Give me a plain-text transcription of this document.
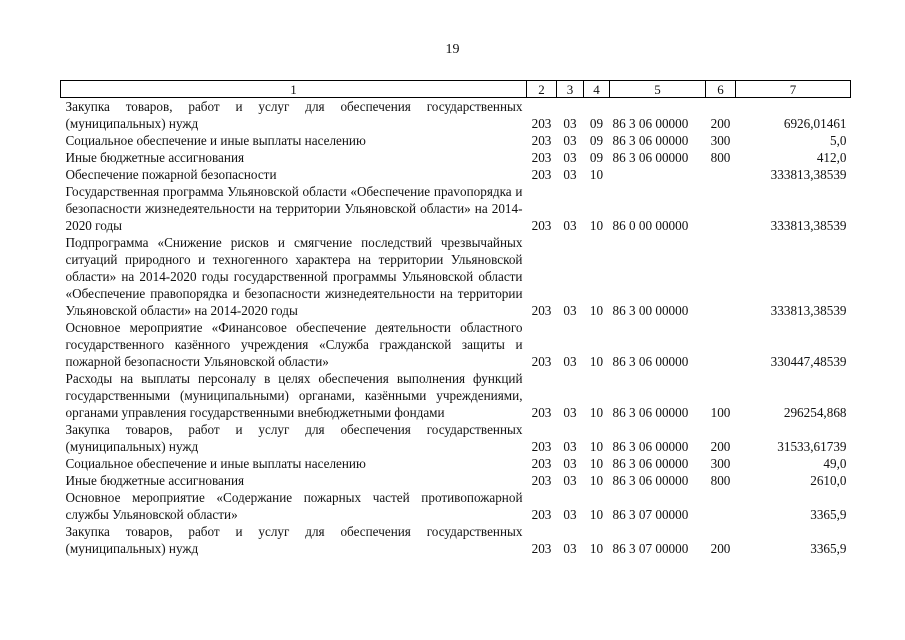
19
1	2	3	4	5	6	7
Закупка товаров, работ и услуг для обеспечения государственных (муниципальных) нужд	203	03	09	86 3 06 00000	200	6926,01461
Социальное обеспечение и иные выплаты населению	203	03	09	86 3 06 00000	300	5,0
Иные бюджетные ассигнования	203	03	09	86 3 06 00000	800	412,0
Обеспечение пожарной безопасности	203	03	10			333813,38539
Государственная программа Ульяновской области «Обеспечение праvопорядка и безопасности жизнедеятельности на территории Ульяновской области» на 2014-2020 годы	203	03	10	86 0 00 00000		333813,38539
Подпрограмма «Снижение рисков и смягчение последствий чрезвычайных ситуаций природного и техногенного характера на территории Ульяновской области» на 2014-2020 годы государственной программы Ульяновской области «Обеспечение правопорядка и безопасности жизнедеятельности на территории Ульяновской области» на 2014-2020 годы	203	03	10	86 3 00 00000		333813,38539
Основное мероприятие «Финансовое обеспечение деятельности областного государственного казённого учреждения «Служба гражданской защиты и пожарной безопасности Ульяновской области»	203	03	10	86 3 06 00000		330447,48539
Расходы на выплаты персоналу в целях обеспечения выполнения функций государственными (муниципальными) органами, казёнными учреждениями, органами управления государственными внебюджетными фондами	203	03	10	86 3 06 00000	100	296254,868
Закупка товаров, работ и услуг для обеспечения государственных (муниципальных) нужд	203	03	10	86 3 06 00000	200	31533,61739
Социальное обеспечение и иные выплаты населению	203	03	10	86 3 06 00000	300	49,0
Иные бюджетные ассигнования	203	03	10	86 3 06 00000	800	2610,0
Основное мероприятие «Содержание пожарных частей противопожарной службы Ульяновской области»	203	03	10	86 3 07 00000		3365,9
Закупка товаров, работ и услуг для обеспечения государственных (муниципальных) нужд	203	03	10	86 3 07 00000	200	3365,9
